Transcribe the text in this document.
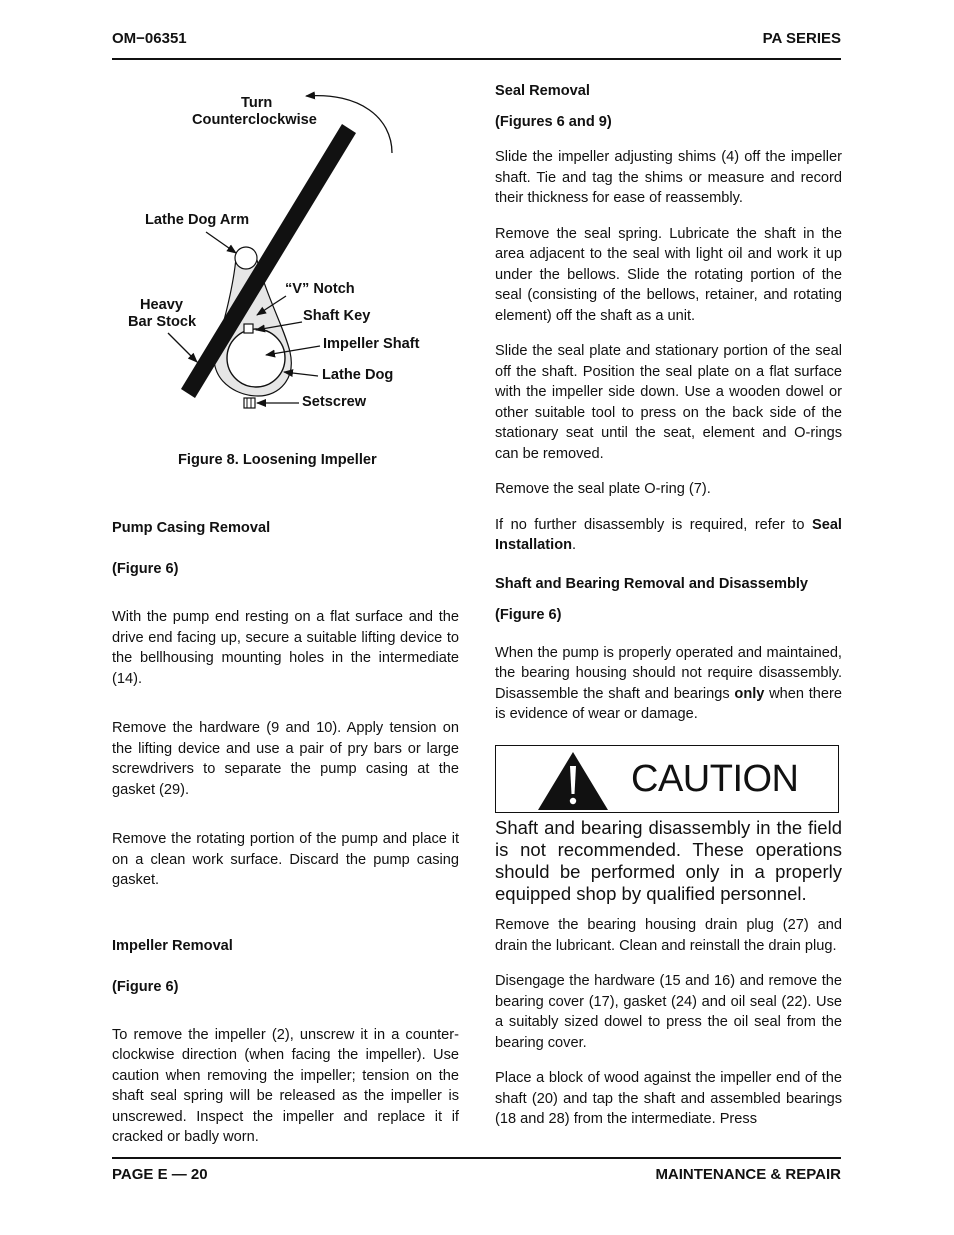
OM−06351	PA SERIES
Turn
Counterclockwise
Lathe Dog Arm
“V” Notch
Heavy
Bar Stock	Shaft Key
Impeller Shaft
Lathe Dog
Setscrew
Figure 8. Loosening Impeller
Pump Casing Removal
(Figure 6)

With the pump end resting on a flat surface and the drive end facing up, secure a suitable lifting device to the bellhousing mounting holes in the intermediate (14).

Remove the hardware (9 and 10). Apply tension on the lifting device and use a pair of pry bars or large screwdrivers to separate the pump casing at the gasket (29).

Remove the rotating portion of the pump and place it on a clean work surface. Discard the pump casing gasket.

Impeller Removal
(Figure 6)

To remove the impeller (2), unscrew it in a counterclockwise direction (when facing the impeller). Use caution when removing the impeller; tension on the shaft seal spring will be released as the impeller is unscrewed. Inspect the impeller and replace it if cracked or badly worn.

Seal Removal
(Figures 6 and 9)

Slide the impeller adjusting shims (4) off the impeller shaft. Tie and tag the shims or measure and record their thickness for ease of reassembly.

Remove the seal spring. Lubricate the shaft in the area adjacent to the seal with light oil and work it up under the bellows. Slide the rotating portion of the seal (consisting of the bellows, retainer, and rotating element) off the shaft as a unit.

Slide the seal plate and stationary portion of the seal off the shaft. Position the seal plate on a flat surface with the impeller side down. Use a wooden dowel or other suitable tool to press on the back side of the stationary seat until the seat, element and O-rings can be removed.

Remove the seal plate O-ring (7).

If no further disassembly is required, refer to Seal Installation.

Shaft and Bearing Removal and Disassembly
(Figure 6)

When the pump is properly operated and maintained, the bearing housing should not require disassembly. Disassemble the shaft and bearings only when there is evidence of wear or damage.

CAUTION
Shaft and bearing disassembly in the field is not recommended. These operations should be performed only in a properly equipped shop by qualified personnel.

Remove the bearing housing drain plug (27) and drain the lubricant. Clean and reinstall the drain plug.

Disengage the hardware (15 and 16) and remove the bearing cover (17), gasket (24) and oil seal (22). Use a suitably sized dowel to press the oil seal from the bearing cover.

Place a block of wood against the impeller end of the shaft (20) and tap the shaft and assembled bearings (18 and 28) from the intermediate. Press

PAGE E — 20	MAINTENANCE & REPAIR
